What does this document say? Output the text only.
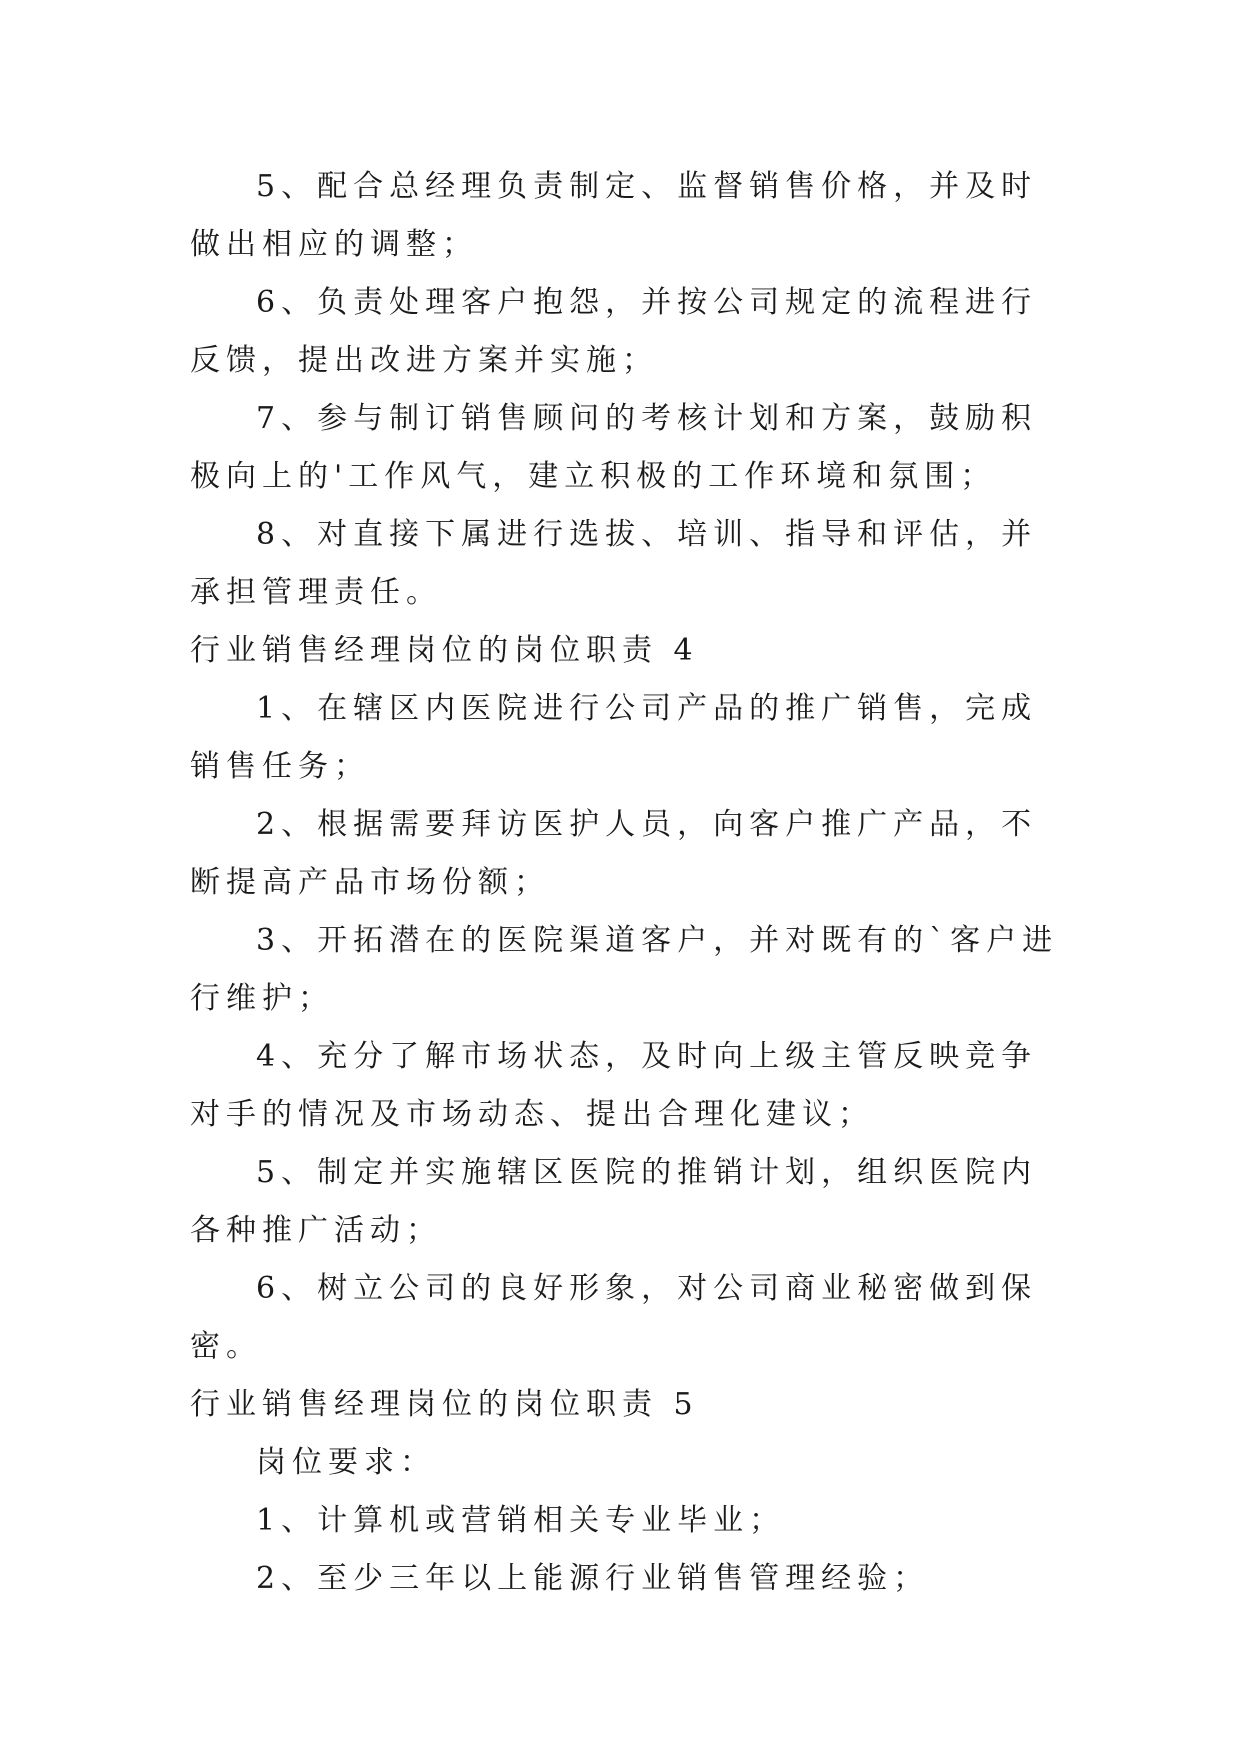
5、配合总经理负责制定、监督销售价格，并及时做出相应的调整；

6、负责处理客户抱怨，并按公司规定的流程进行反馈，提出改进方案并实施；

7、参与制订销售顾问的考核计划和方案，鼓励积极向上的'工作风气，建立积极的工作环境和氛围；

8、对直接下属进行选拔、培训、指导和评估，并承担管理责任。

行业销售经理岗位的岗位职责 4

1、在辖区内医院进行公司产品的推广销售，完成销售任务；

2、根据需要拜访医护人员，向客户推广产品，不断提高产品市场份额；

3、开拓潜在的医院渠道客户，并对既有的`客户进行维护；

4、充分了解市场状态，及时向上级主管反映竞争对手的情况及市场动态、提出合理化建议；

5、制定并实施辖区医院的推销计划，组织医院内各种推广活动；

6、树立公司的良好形象，对公司商业秘密做到保密。

行业销售经理岗位的岗位职责 5

岗位要求：

1、计算机或营销相关专业毕业；

2、至少三年以上能源行业销售管理经验；
